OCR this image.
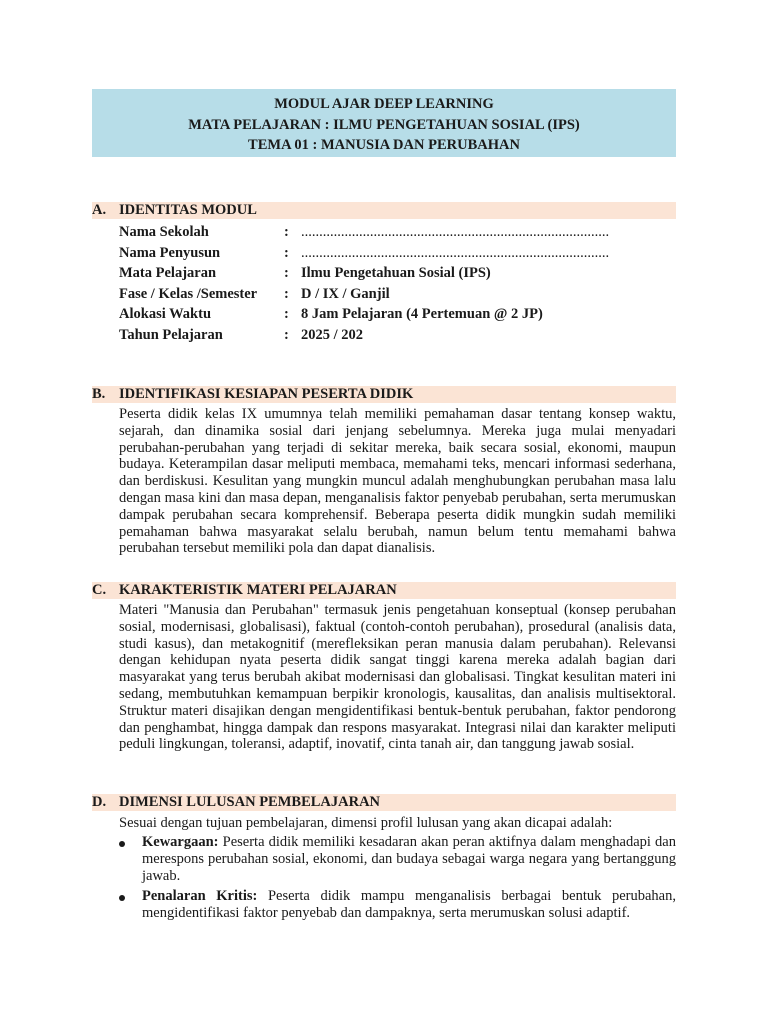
MODUL AJAR DEEP LEARNING
MATA PELAJARAN : ILMU PENGETAHUAN SOSIAL (IPS)
TEMA 01 : MANUSIA DAN PERUBAHAN
A. IDENTITAS MODUL
Nama Sekolah	: .....................................................................................
Nama Penyusun	: .....................................................................................
Mata Pelajaran	: Ilmu Pengetahuan Sosial (IPS)
Fase / Kelas /Semester : D / IX / Ganjil
Alokasi Waktu	: 8 Jam Pelajaran (4 Pertemuan @ 2 JP)
Tahun Pelajaran	: 2025 / 202
B. IDENTIFIKASI KESIAPAN PESERTA DIDIK

Peserta didik kelas IX umumnya telah memiliki pemahaman dasar tentang konsep waktu, sejarah, dan dinamika sosial dari jenjang sebelumnya. Mereka juga mulai menyadari perubahan-perubahan yang terjadi di sekitar mereka, baik secara sosial, ekonomi, maupun budaya. Keterampilan dasar meliputi membaca, memahami teks, mencari informasi sederhana, dan berdiskusi. Kesulitan yang mungkin muncul adalah menghubungkan perubahan masa lalu dengan masa kini dan masa depan, menganalisis faktor penyebab perubahan, serta merumuskan dampak perubahan secara komprehensif. Beberapa peserta didik mungkin sudah memiliki pemahaman bahwa masyarakat selalu berubah, namun belum tentu memahami bahwa perubahan tersebut memiliki pola dan dapat dianalisis.

C. KARAKTERISTIK MATERI PELAJARAN

Materi "Manusia dan Perubahan" termasuk jenis pengetahuan konseptual (konsep perubahan sosial, modernisasi, globalisasi), faktual (contoh-contoh perubahan), prosedural (analisis data, studi kasus), dan metakognitif (merefleksikan peran manusia dalam perubahan). Relevansi dengan kehidupan nyata peserta didik sangat tinggi karena mereka adalah bagian dari masyarakat yang terus berubah akibat modernisasi dan globalisasi. Tingkat kesulitan materi ini sedang, membutuhkan kemampuan berpikir kronologis, kausalitas, dan analisis multisektoral. Struktur materi disajikan dengan mengidentifikasi bentuk-bentuk perubahan, faktor pendorong dan penghambat, hingga dampak dan respons masyarakat. Integrasi nilai dan karakter meliputi peduli lingkungan, toleransi, adaptif, inovatif, cinta tanah air, dan tanggung jawab sosial.

D. DIMENSI LULUSAN PEMBELAJARAN
Sesuai dengan tujuan pembelajaran, dimensi profil lulusan yang akan dicapai adalah:
Kewargaan: Peserta didik memiliki kesadaran akan peran aktifnya dalam menghadapi dan merespons perubahan sosial, ekonomi, dan budaya sebagai warga negara yang bertanggung jawab.
Penalaran Kritis: Peserta didik mampu menganalisis berbagai bentuk perubahan, mengidentifikasi faktor penyebab dan dampaknya, serta merumuskan solusi adaptif.
